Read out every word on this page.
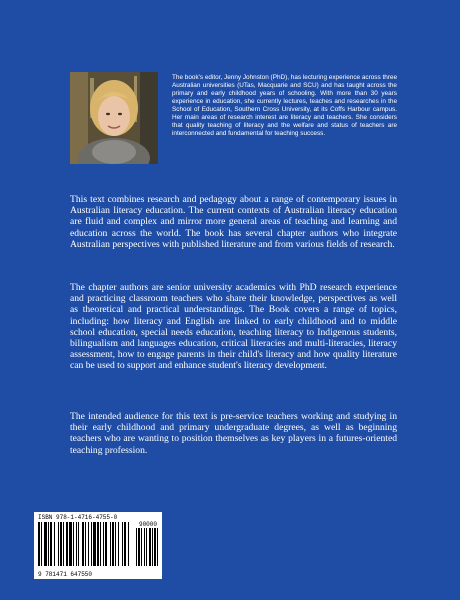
The book's editor, Jenny Johnston (PhD), has lecturing experience across three Australian universities (UTas, Macquarie and SCU) and has taught across the primary and early childhood years of schooling. With more than 30 years experience in education, she currently lectures, teaches and researches in the School of Education, Southern Cross University, at its Coffs Harbour campus. Her main areas of research interest are literacy and teachers. She considers that quality teaching of literacy and the welfare and status of teachers are interconnected and fundamental for teaching success.
This text combines research and pedagogy about a range of contemporary issues in Australian literacy education. The current contexts of Australian literacy education are fluid and complex and mirror more general areas of teaching and learning and education across the world. The book has several chapter authors who integrate Australian perspectives with published literature and from various fields of research.
The chapter authors are senior university academics with PhD research experience and practicing classroom teachers who share their knowledge, perspectives as well as theoretical and practical understandings. The Book covers a range of topics, including: how literacy and English are linked to early childhood and to middle school education, special needs education, teaching literacy to Indigenous students, bilingualism and languages education, critical literacies and multi-literacies, literacy assessment, how to engage parents in their child's literacy and how quality literature can be used to support and enhance student's literacy development.
The intended audience for this text is pre-service teachers working and studying in their early childhood and primary undergraduate degrees, as well as beginning teachers who are wanting to position themselves as key players in a futures-oriented teaching profession.
ISBN 978-1-4716-4755-0
90000
9 781471 647550
